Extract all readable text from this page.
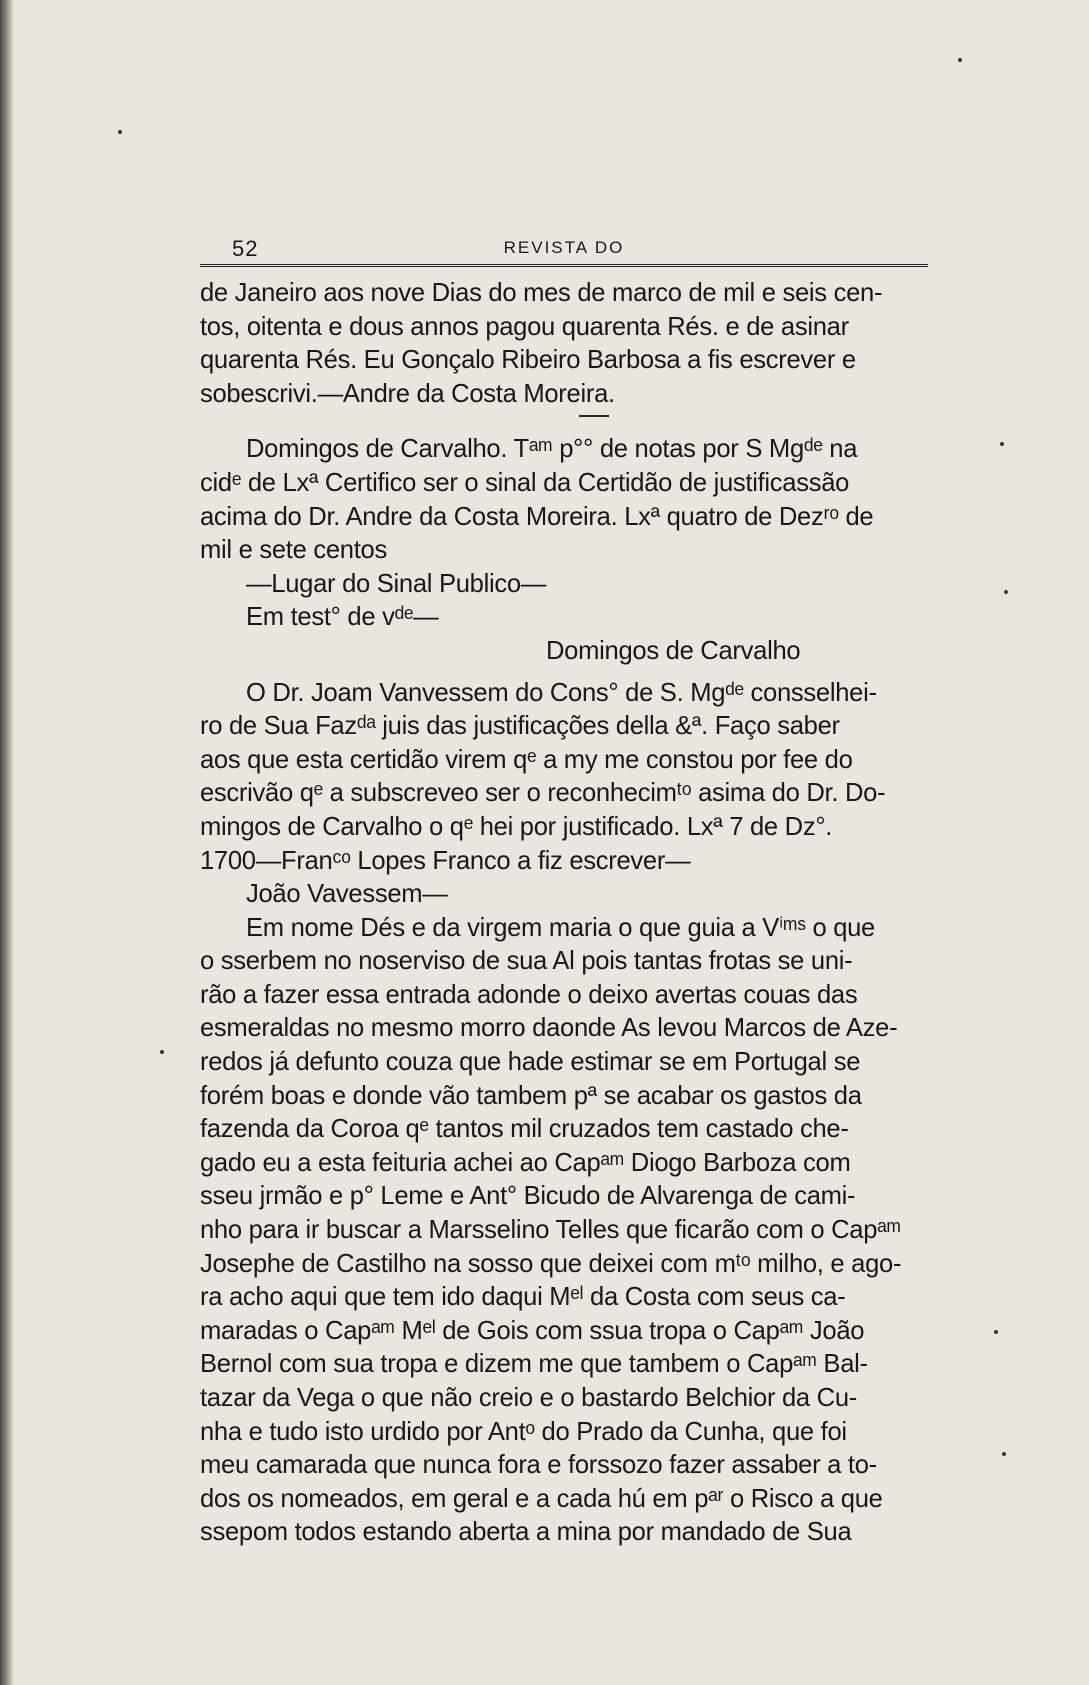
52	REVISTA DO
de Janeiro aos nove Dias do mes de marco de mil e seis cen-
tos, oitenta e dous annos pagou quarenta Rés. e de asinar
quarenta Rés. Eu Gonçalo Ribeiro Barbosa a fis escrever e
sobescrivi.—Andre da Costa Moreira.
Domingos de Carvalho. Tᵃᵐ p°° de notas por S Mgᵈᵉ na
cidᵉ de Lxª Certifico ser o sinal da Certidão de justificassão
acima do Dr. Andre da Costa Moreira. Lxª quatro de Dezʳᵒ de
mil e sete centos
—Lugar do Sinal Publico—
Em test° de vᵈᵉ—
Domingos de Carvalho
O Dr. Joam Vanvessem do Cons° de S. Mgᵈᵉ consselhei-
ro de Sua Fazᵈᵃ juis das justificações della &ª. Faço saber
aos que esta certidão virem qᵉ a my me constou por fee do
escrivão qᵉ a subscreveo ser o reconhecimᵗᵒ asima do Dr. Do-
mingos de Carvalho o qᵉ hei por justificado. Lxª 7 de Dz°.
1700—Franᶜᵒ Lopes Franco a fiz escrever—
João Vavessem—
Em nome Dés e da virgem maria o que guia a Vⁱᵐˢ o que
o sserbem no noserviso de sua Al pois tantas frotas se uni-
rão a fazer essa entrada adonde o deixo avertas couas das
esmeraldas no mesmo morro daonde As levou Marcos de Aze-
redos já defunto couza que hade estimar se em Portugal se
forém boas e donde vão tambem pª se acabar os gastos da
fazenda da Coroa qᵉ tantos mil cruzados tem castado che-
gado eu a esta feituria achei ao Capᵃᵐ Diogo Barboza com
sseu jrmão e p° Leme e Ant° Bicudo de Alvarenga de cami-
nho para ir buscar a Marsselino Telles que ficarão com o Capᵃᵐ
Josephe de Castilho na sosso que deixei com mᵗᵒ milho, e ago-
ra acho aqui que tem ido daqui Mᵉˡ da Costa com seus ca-
maradas o Capᵃᵐ Mᵉˡ de Gois com ssua tropa o Capᵃᵐ João
Bernol com sua tropa e dizem me que tambem o Capᵃᵐ Bal-
tazar da Vega o que não creio e o bastardo Belchior da Cu-
nha e tudo isto urdido por Antᵒ do Prado da Cunha, que foi
meu camarada que nunca fora e forssozo fazer assaber a to-
dos os nomeados, em geral e a cada hú em pᵃʳ o Risco a que
ssepom todos estando aberta a mina por mandado de Sua
